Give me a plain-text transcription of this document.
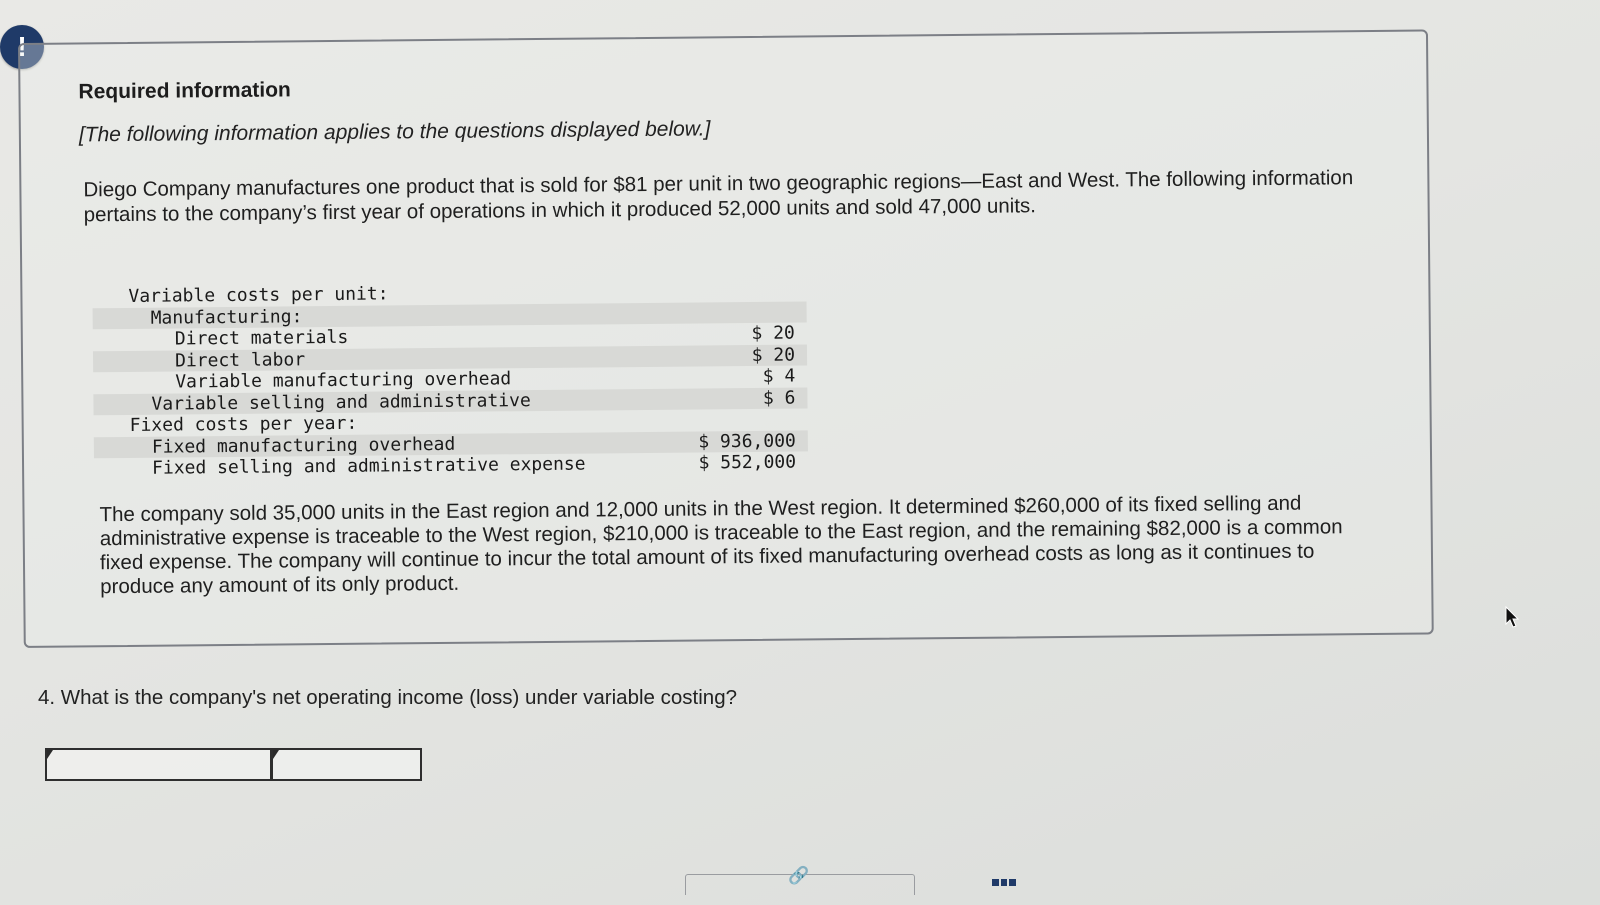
!
Required information

[The following information applies to the questions displayed below.]

Diego Company manufactures one product that is sold for $81 per unit in two geographic regions—East and West. The following information pertains to the company’s first year of operations in which it produced 52,000 units and sold 47,000 units.

Variable costs per unit:
Manufacturing:
Direct materials	$ 20
Direct labor	$ 20
Variable manufacturing overhead	$ 4
Variable selling and administrative	$ 6
Fixed costs per year:
Fixed manufacturing overhead	$ 936,000
Fixed selling and administrative expense	$ 552,000

The company sold 35,000 units in the East region and 12,000 units in the West region. It determined $260,000 of its fixed selling and administrative expense is traceable to the West region, $210,000 is traceable to the East region, and the remaining $82,000 is a common fixed expense. The company will continue to incur the total amount of its fixed manufacturing overhead costs as long as it continues to produce any amount of its only product.

4. What is the company's net operating income (loss) under variable costing?

🔗
